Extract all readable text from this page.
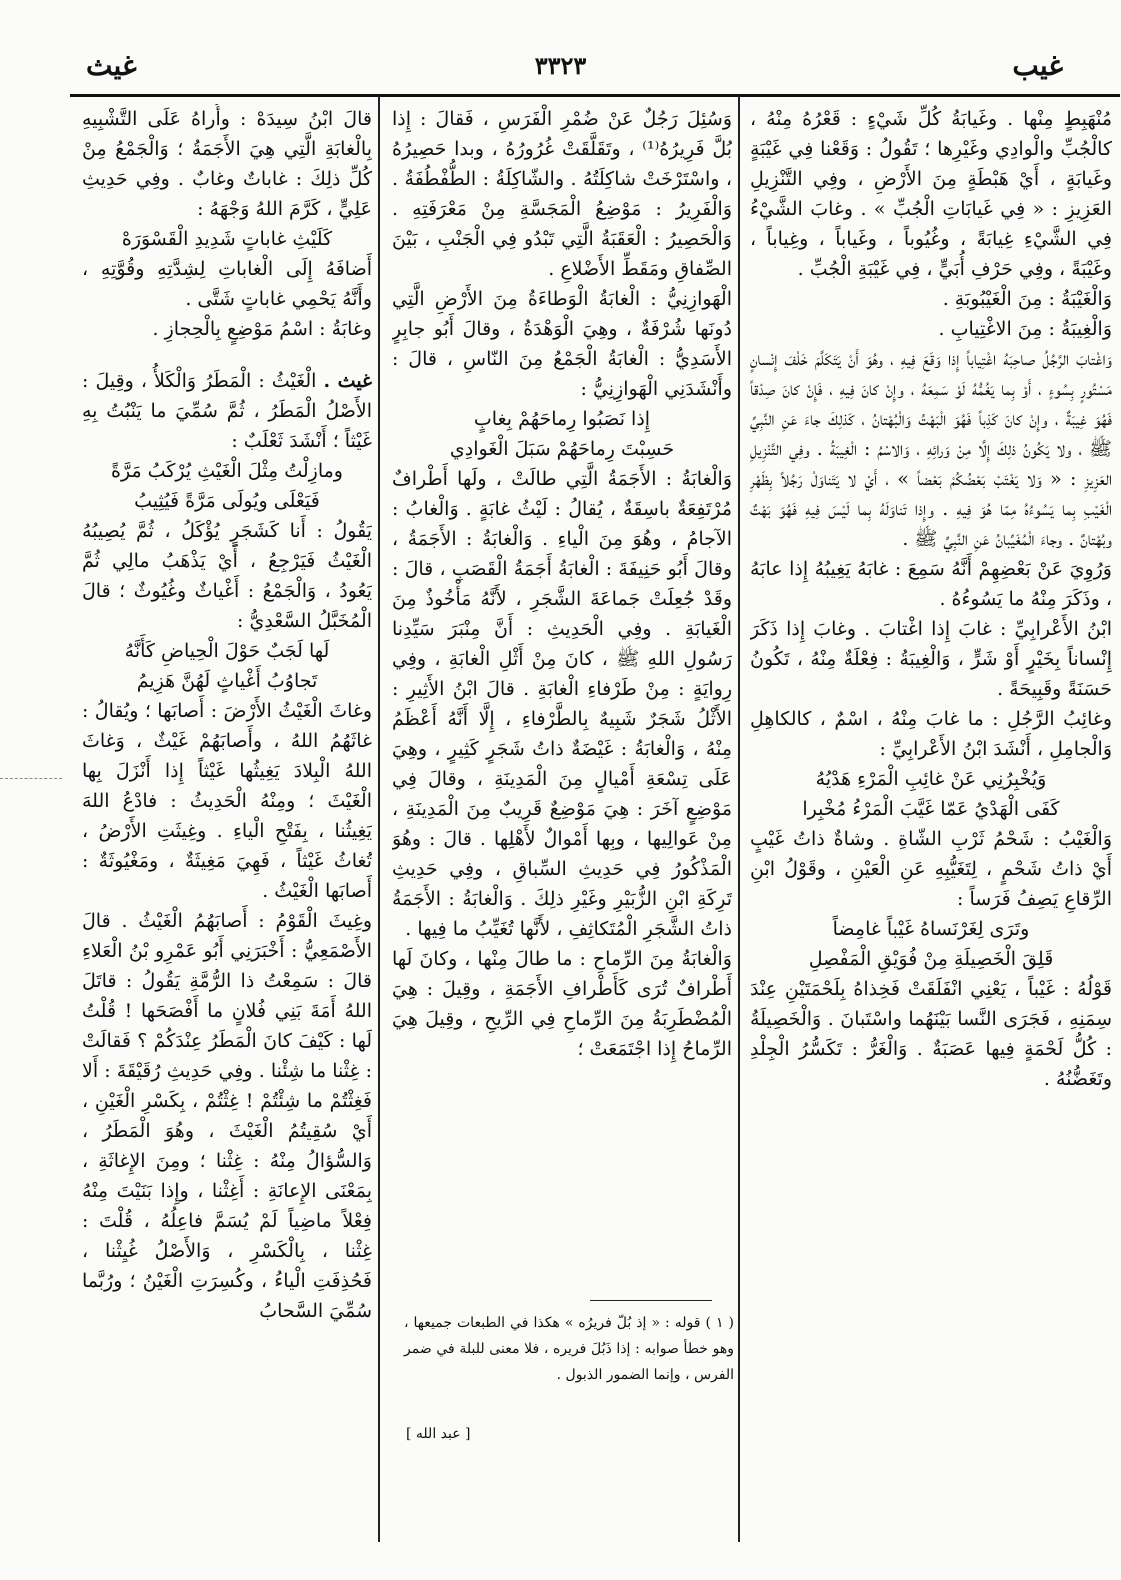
غيب
٣٣٢٣
غيث

مُنْهَبِطٍ مِنْها . وغَيابَةُ كُلِّ شَيْءٍ : قَعْرُهُ مِنْهُ ، كالْجُبِّ والْوادِي وغَيْرِها ؛ تَقُولُ : وَقَعْنا فِي غَيْبَةٍ وغَيابَةٍ ، أَيْ هَبْطَةٍ مِنَ الأَرْضِ ، وفِي التَّنْزِيلِ العَزِيزِ : « فِي غَيابَاتِ الْجُبِّ » . وغابَ الشَّيْءُ فِي الشَّيْءِ غِيابَةً ، وغُيُوباً ، وغَياباً ، وغِياباً ، وغَيْبَةً ، وفِي حَرْفِ أُبَيٍّ ، فِي غَيْبَةِ الْجُبِّ .

وَالْغَيْبَةُ : مِنَ الْغَيْبُوبَةِ .

وَالْغِيبَةُ : مِنَ الاغْتِيابِ .

وَاغْتابَ الرَّجُلُ صاحِبَهُ اغْتِياباً إِذا وَقَعَ فِيهِ ، وهُوَ أَنْ يَتَكَلَّمَ خَلْفَ إِنْسانٍ مَسْتُورٍ بِسُوءٍ ، أَوْ بِما يَغُمُّهُ لَوْ سَمِعَهُ ، وإِنْ كانَ فِيهِ ، فَإِنْ كانَ صِدْقاً فَهُوَ غِيبَةٌ ، وإِنْ كانَ كَذِباً فَهُوَ الْبَهْتُ وَالْبُهْتانُ ، كَذلِكَ جاءَ عَنِ النَّبِيِّ ﷺ ، ولا يَكُونُ ذلِكَ إِلَّا مِنْ وَرائِهِ ، وَالاسْمُ : الْغِيبَةُ . وفِي التَّنْزِيلِ العَزِيزِ : « وَلا يَغْتَبْ بَعْضُكُمْ بَعْضاً » ، أَيْ لا يَتَناوَلْ رَجُلاً بِظَهْرِ الْغَيْبِ بِما يَسُوءُهُ مِمّا هُوَ فِيهِ . وإِذا تَناوَلَهُ بِما لَيْسَ فِيهِ فَهُوَ بَهْتٌ وبُهْتانٌ . وجاءَ الْمُغَيِّبانُ عَنِ النَّبِيِّ ﷺ .

وَرُوِيَ عَنْ بَعْضِهِمْ أَنَّهُ سَمِعَ : غابَهُ يَغِيبُهُ إِذا عابَهُ ، وذَكَرَ مِنْهُ ما يَسُوءُهُ .

ابْنُ الأَعْرابِيِّ : غابَ إِذا اغْتابَ . وغابَ إِذا ذَكَرَ إِنْساناً بِخَيْرٍ أَوْ شَرٍّ ، وَالْغِيبَةُ : فِعْلَةٌ مِنْهُ ، تَكُونُ حَسَنَةً وقَبِيحَةً .

وغائِبُ الرَّجُلِ : ما غابَ مِنْهُ ، اسْمٌ ، كالكاهِلِ وَالْجامِلِ ، أَنْشَدَ ابْنُ الأَعْرابِيِّ :

وَيُخْبِرُنِي عَنْ غائِبِ الْمَرْءِ هَدْيُهُ

كَفَى الْهَدْيُ عَمّا غَيَّبَ الْمَرْءُ مُخْبِرا

وَالْغَيْبُ : شَحْمُ ثَرْبِ الشّاةِ . وشاةٌ ذاتُ غَيْبٍ أَيْ ذاتُ شَحْمٍ ، لِتَغَيُّبِهِ عَنِ الْعَيْنِ ، وقَوْلُ ابْنِ الرِّقاعِ يَصِفُ فَرَساً :

وتَرَى لِغَرْنَساهُ غَيْباً غامِضاً

قَلِقَ الْخَصِيلَةِ مِنْ فُوَيْقِ الْمَفْصِلِ

قَوْلُهُ : غَيْباً ، يَعْنِي انْفَلَقَتْ فَخِذاهُ بِلَحْمَتَيْنِ عِنْدَ سِمَنِهِ ، فَجَرَى النَّسا بَيْنَهُما واسْتَبانَ . وَالْخَصِيلَةُ : كُلُّ لَحْمَةٍ فِيها عَصَبَةٌ . وَالْغَرُّ : تَكَسُّرُ الْجِلْدِ وتَغَضُّنُهُ .

وَسُئِلَ رَجُلٌ عَنْ ضُمْرِ الْفَرَسِ ، فَقالَ : إِذا بُلَّ فَرِيرُهُ⁽¹⁾ ، وتَقَلَّقَتْ غُرُورُهُ ، وبدا حَصِيرُهُ ، واسْتَرْخَتْ شاكِلَتُهُ . والشّاكِلَةُ : الطُّفْطُفَةُ . وَالْفَرِيرُ : مَوْضِعُ الْمَجَسَّةِ مِنْ مَعْرَفَتِهِ . وَالْحَصِيرُ : الْعَقَبَةُ الَّتِي تَبْدُو فِي الْجَنْبِ ، بَيْنَ الصِّفاقِ ومَقَطِّ الأَضْلاعِ .

الْهَوازِنِيُّ : الْغابَةُ الْوَطاءَةُ مِنَ الأَرْضِ الَّتِي دُونَها شُرْفَةٌ ، وهِيَ الْوَهْدَةُ ، وقالَ أَبُو جابِرٍ الأَسَدِيُّ : الْغابَةُ الْجَمْعُ مِنَ النّاسِ ، قالَ : وأَنْشَدَنِي الْهَوازِنِيُّ :

إِذا نَصَبُوا رِماحَهُمْ بِغابٍ

حَسِبْتَ رِماحَهُمْ سَبَلَ الْغَوادِي

وَالْغابَةُ : الأَجَمَةُ الَّتِي طالَتْ ، ولَها أَطْرافٌ مُرْتَفِعَةٌ باسِقَةٌ ، يُقالُ : لَيْثُ غابَةٍ . وَالْغابُ : الآجامُ ، وهُوَ مِنَ الْياءِ . وَالْغابَةُ : الأَجَمَةُ ، وقالَ أَبُو حَنِيفَةَ : الْغابَةُ أَجَمَةُ الْقَصَبِ ، قالَ : وقَدْ جُعِلَتْ جَماعَةَ الشَّجَرِ ، لأَنَّهُ مَأْخُوذٌ مِنَ الْغَيابَةِ . وفِي الْحَدِيثِ : أَنَّ مِنْبَرَ سَيِّدِنا رَسُولِ اللهِ ﷺ ، كانَ مِنْ أَثْلِ الْغابَةِ ، وفِي رِوايَةٍ : مِنْ طَرْفاءِ الْغابَةِ . قالَ ابْنُ الأَثِيرِ : الأَثْلُ شَجَرٌ شَبِيهٌ بِالطَّرْفاءِ ، إِلَّا أَنَّهُ أَعْظَمُ مِنْهُ ، وَالْغابَةُ : غَيْضَةٌ ذاتُ شَجَرٍ كَثِيرٍ ، وهِيَ عَلَى تِسْعَةِ أَمْيالٍ مِنَ الْمَدِينَةِ ، وقالَ فِي مَوْضِعٍ آخَرَ : هِيَ مَوْضِعٌ قَرِيبٌ مِنَ الْمَدِينَةِ ، مِنْ عَوالِيها ، وبِها أَمْوالٌ لأَهْلِها . قالَ : وهُوَ الْمَذْكُورُ فِي حَدِيثِ السِّباقِ ، وفِي حَدِيثِ تَرِكَةِ ابْنِ الزُّبَيْرِ وغَيْرِ ذلِكَ . وَالْغابَةُ : الأَجَمَةُ ذاتُ الشَّجَرِ الْمُتَكاثِفِ ، لأَنَّها تُغَيِّبُ ما فِيها .

وَالْغابَةُ مِنَ الرِّماحِ : ما طالَ مِنْها ، وكانَ لَها أَطْرافٌ تُرَى كَأَطْرافِ الأَجَمَةِ ، وقِيلَ : هِيَ الْمُضْطَرِبَةُ مِنَ الرِّماحِ فِي الرِّيحِ ، وقِيلَ هِيَ الرِّماحُ إِذا اجْتَمَعَتْ ؛

قالَ ابْنُ سِيدَهْ : وأُراهُ عَلَى التَّشْبِيهِ بِالْغابَةِ الَّتِي هِيَ الأَجَمَةُ ؛ وَالْجَمْعُ مِنْ كُلِّ ذلِكَ : غاباتٌ وغابٌ . وفِي حَدِيثِ عَلِيٍّ ، كَرَّمَ اللهُ وَجْهَهُ :

كَلَيْثِ غاباتٍ شَدِيدِ الْقَسْوَرَهْ

أَضافَهُ إِلَى الْغاباتِ لِشِدَّتِهِ وقُوَّتِهِ ، وأَنَّهُ يَحْمِي غاباتٍ شَتَّى .

وغابَةُ : اسْمُ مَوْضِعٍ بِالْحِجازِ .

غيث . الْغَيْثُ : الْمَطَرُ وَالْكَلأُ ، وقِيلَ : الأَصْلُ الْمَطَرُ ، ثُمَّ سُمِّيَ ما يَنْبُتُ بِهِ غَيْثاً ؛ أَنْشَدَ ثَعْلَبٌ :

ومازِلْتُ مِثْلَ الْغَيْثِ يُرْكَبُ مَرَّةً

فَيَعْلَى ويُولَى مَرَّةً فَيُثِيبُ

يَقُولُ : أَنا كَشَجَرٍ يُؤْكَلُ ، ثُمَّ يُصِيبُهُ الْغَيْثُ فَيَرْجِعُ ، أَيْ يَذْهَبُ مالِي ثُمَّ يَعُودُ ، وَالْجَمْعُ : أَغْياثٌ وغُيُوثٌ ؛ قالَ الْمُخَبَّلُ السَّعْدِيُّ :

لَها لَجَبٌ حَوْلَ الْحِياضِ كَأَنَّهُ

تَجاوُبُ أَغْياثٍ لَهُنَّ هَزِيمُ

وغاثَ الْغَيْثُ الأَرْضَ : أَصابَها ؛ ويُقالُ : غاثَهُمُ اللهُ ، وأَصابَهُمْ غَيْثٌ ، وَغاثَ اللهُ الْبِلادَ يَغِيثُها غَيْثاً إِذا أَنْزَلَ بِها الْغَيْثَ ؛ ومِنْهُ الْحَدِيثُ : فادْعُ اللهَ يَغِيثُنا ، بِفَتْحِ الْياءِ . وغِيثَتِ الأَرْضُ ، تُغاثُ غَيْثاً ، فَهِيَ مَغِيثَةٌ ، ومَغْيُوثَةٌ : أَصابَها الْغَيْثُ .

وغِيثَ الْقَوْمُ : أَصابَهُمُ الْغَيْثُ . قالَ الأَصْمَعِيُّ : أَخْبَرَنِي أَبُو عَمْرِو بْنُ الْعَلاءِ قالَ : سَمِعْتُ ذا الرُّمَّةِ يَقُولُ : قاتَلَ اللهُ أَمَةَ بَنِي فُلانٍ ما أَفْصَحَها ! قُلْتُ لَها : كَيْفَ كانَ الْمَطَرُ عِنْدَكُمْ ؟ فَقالَتْ : غِثْنا ما شِئْنا . وفِي حَدِيثِ رُقَيْقَةَ : أَلا فَغِثْتُمْ ما شِئْتُمْ ! غِثْتُمْ ، بِكَسْرِ الْغَيْنِ ، أَيْ سُقِيتُمُ الْغَيْثَ ، وهُوَ الْمَطَرُ ، وَالسُّؤالُ مِنْهُ : غِثْنا ؛ ومِنَ الإِغاثَةِ ، بِمَعْنَى الإِعانَةِ : أَغِثْنا ، وإِذا بَنَيْتَ مِنْهُ فِعْلاً ماضِياً لَمْ يُسَمَّ فاعِلُهُ ، قُلْتَ : غِثْنا ، بِالْكَسْرِ ، وَالأَصْلُ غُيِثْنا ، فَحُذِفَتِ الْياءُ ، وكُسِرَتِ الْغَيْنُ ؛ ورُبَّما سُمِّيَ السَّحابُ

( ١ ) قوله : « إذ بُلّ فريرُه » هكذا في الطبعات جميعها ، وهو خطأ صوابه : إذا ذَبُلَ فريره ، فلا معنى للبلة في ضمر الفرس ، وإنما الضمور الذبول .

[ عبد الله ]
